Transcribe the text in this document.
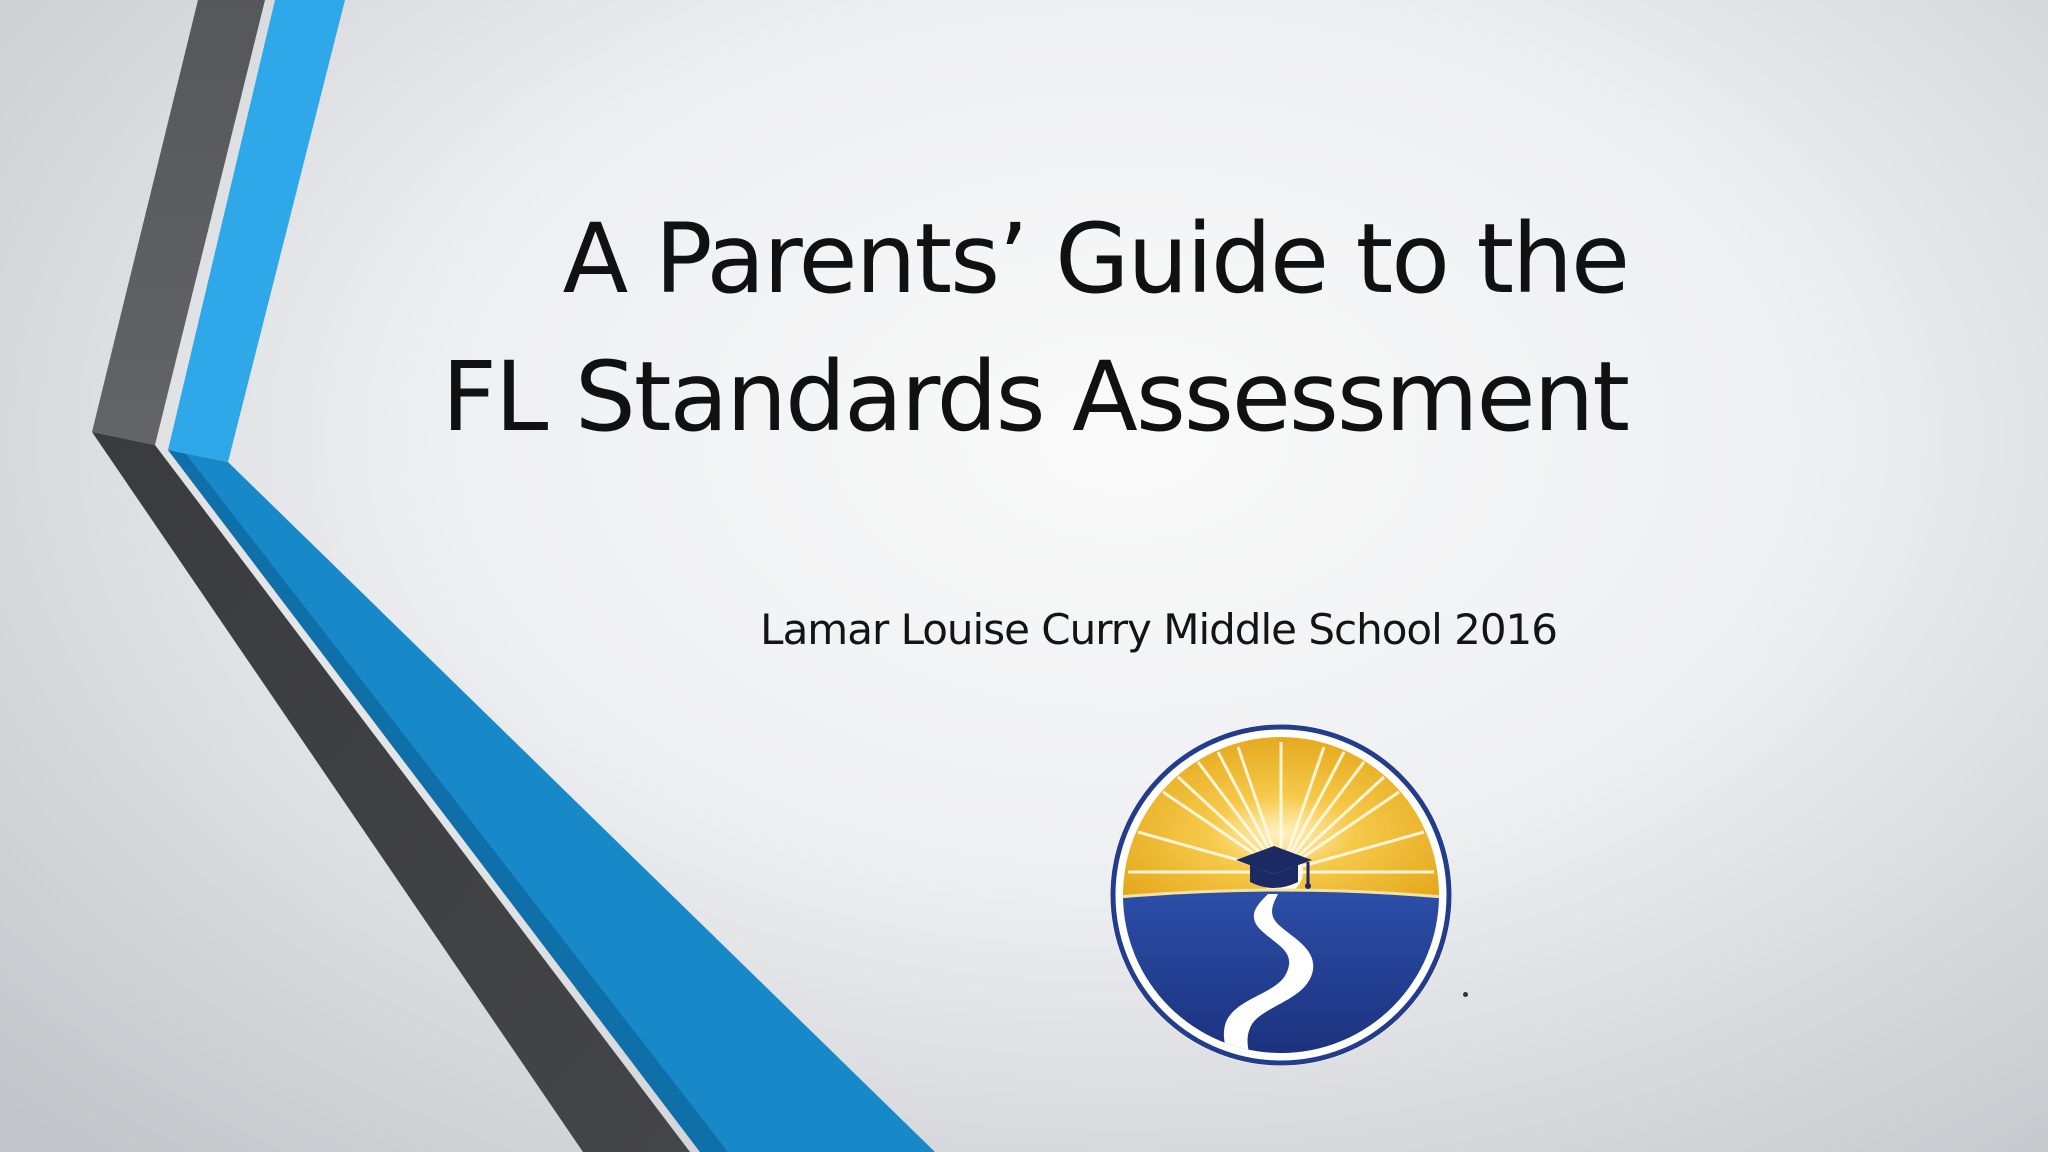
A Parents’ Guide to the
FL Standards Assessment

Lamar Louise Curry Middle School 2016
